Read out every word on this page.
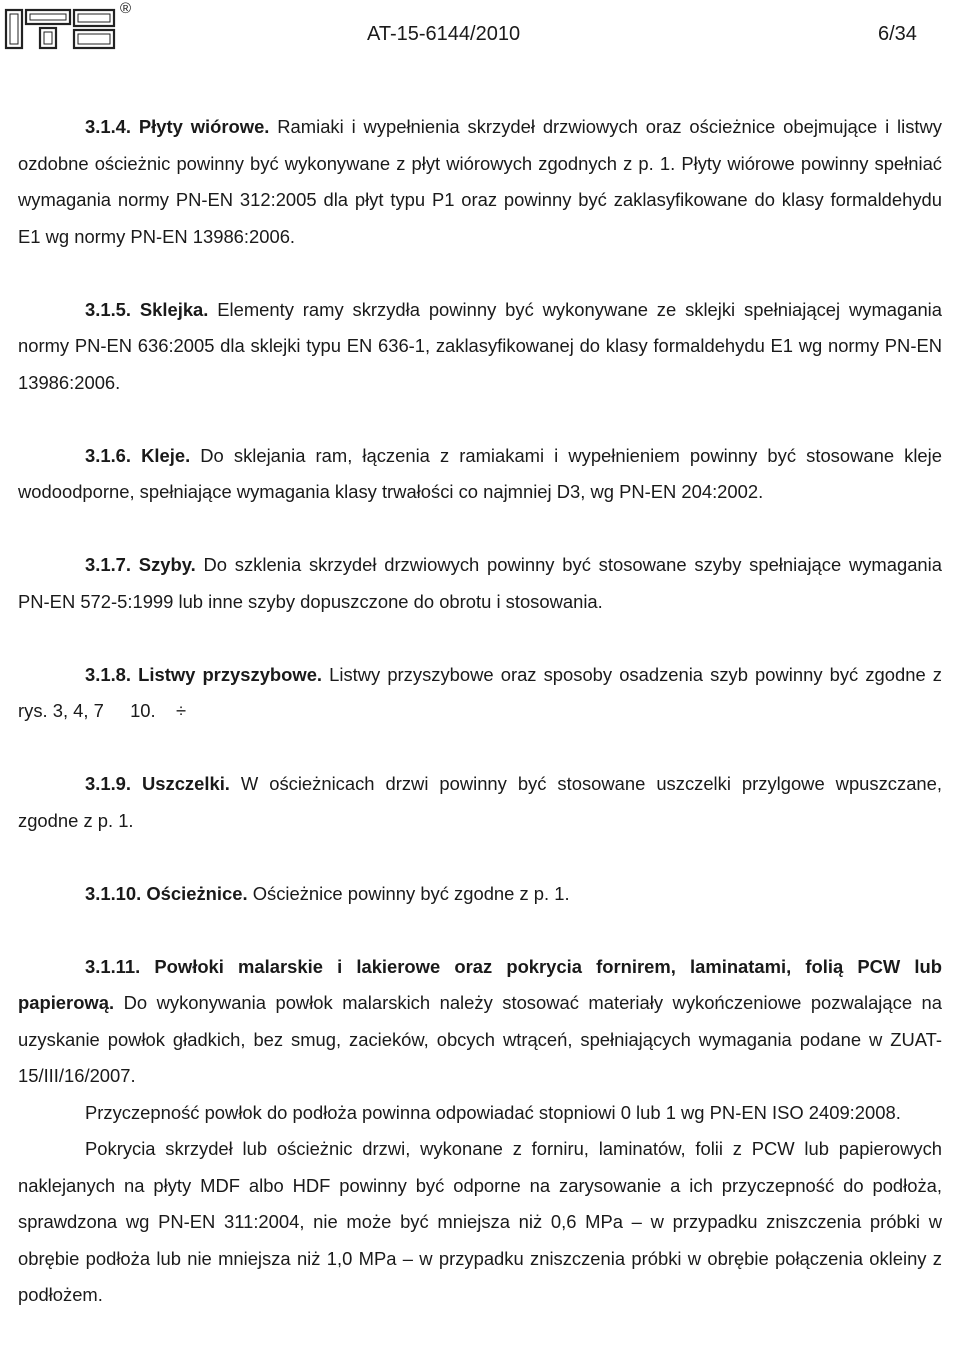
®
AT-15-6144/2010	6/34

3.1.4. Płyty wiórowe. Ramiaki i wypełnienia skrzydeł drzwiowych oraz ościeżnice obejmujące i listwy ozdobne ościeżnic powinny być wykonywane z płyt wiórowych zgodnych z p. 1. Płyty wiórowe powinny spełniać wymagania normy PN-EN 312:2005 dla płyt typu P1 oraz powinny być zaklasyfikowane do klasy formaldehydu E1 wg normy PN-EN 13986:2006.

3.1.5. Sklejka. Elementy ramy skrzydła powinny być wykonywane ze sklejki spełniającej wymagania normy PN-EN 636:2005 dla sklejki typu EN 636-1, zaklasyfikowanej do klasy formaldehydu E1 wg normy PN-EN 13986:2006.

3.1.6. Kleje. Do sklejania ram, łączenia z ramiakami i wypełnieniem powinny być stosowane kleje wodoodporne, spełniające wymagania klasy trwałości co najmniej D3, wg PN-EN 204:2002.

3.1.7. Szyby. Do szklenia skrzydeł drzwiowych powinny być stosowane szyby spełniające wymagania PN-EN 572-5:1999 lub inne szyby dopuszczone do obrotu i stosowania.

3.1.8. Listwy przyszybowe. Listwy przyszybowe oraz sposoby osadzenia szyb powinny być zgodne z rys. 3, 4, 7	÷ 10.

3.1.9. Uszczelki. W ościeżnicach drzwi powinny być stosowane uszczelki przylgowe wpuszczane, zgodne z p. 1.

3.1.10. Ościeżnice. Ościeżnice powinny być zgodne z p. 1.

3.1.11. Powłoki malarskie i lakierowe oraz pokrycia fornirem, laminatami, folią PCW lub papierową. Do wykonywania powłok malarskich należy stosować materiały wykończeniowe pozwalające na uzyskanie powłok gładkich, bez smug, zacieków, obcych wtrąceń, spełniających wymagania podane w ZUAT-15/III/16/2007.

Przyczepność powłok do podłoża powinna odpowiadać stopniowi 0 lub 1 wg PN-EN ISO 2409:2008.

Pokrycia skrzydeł lub ościeżnic drzwi, wykonane z forniru, laminatów, folii z PCW lub papierowych naklejanych na płyty MDF albo HDF powinny być odporne na zarysowanie a ich przyczepność do podłoża, sprawdzona wg PN-EN 311:2004, nie może być mniejsza niż 0,6 MPa – w przypadku zniszczenia próbki w obrębie podłoża lub nie mniejsza niż 1,0 MPa – w przypadku zniszczenia próbki w obrębie połączenia okleiny z podłożem.
